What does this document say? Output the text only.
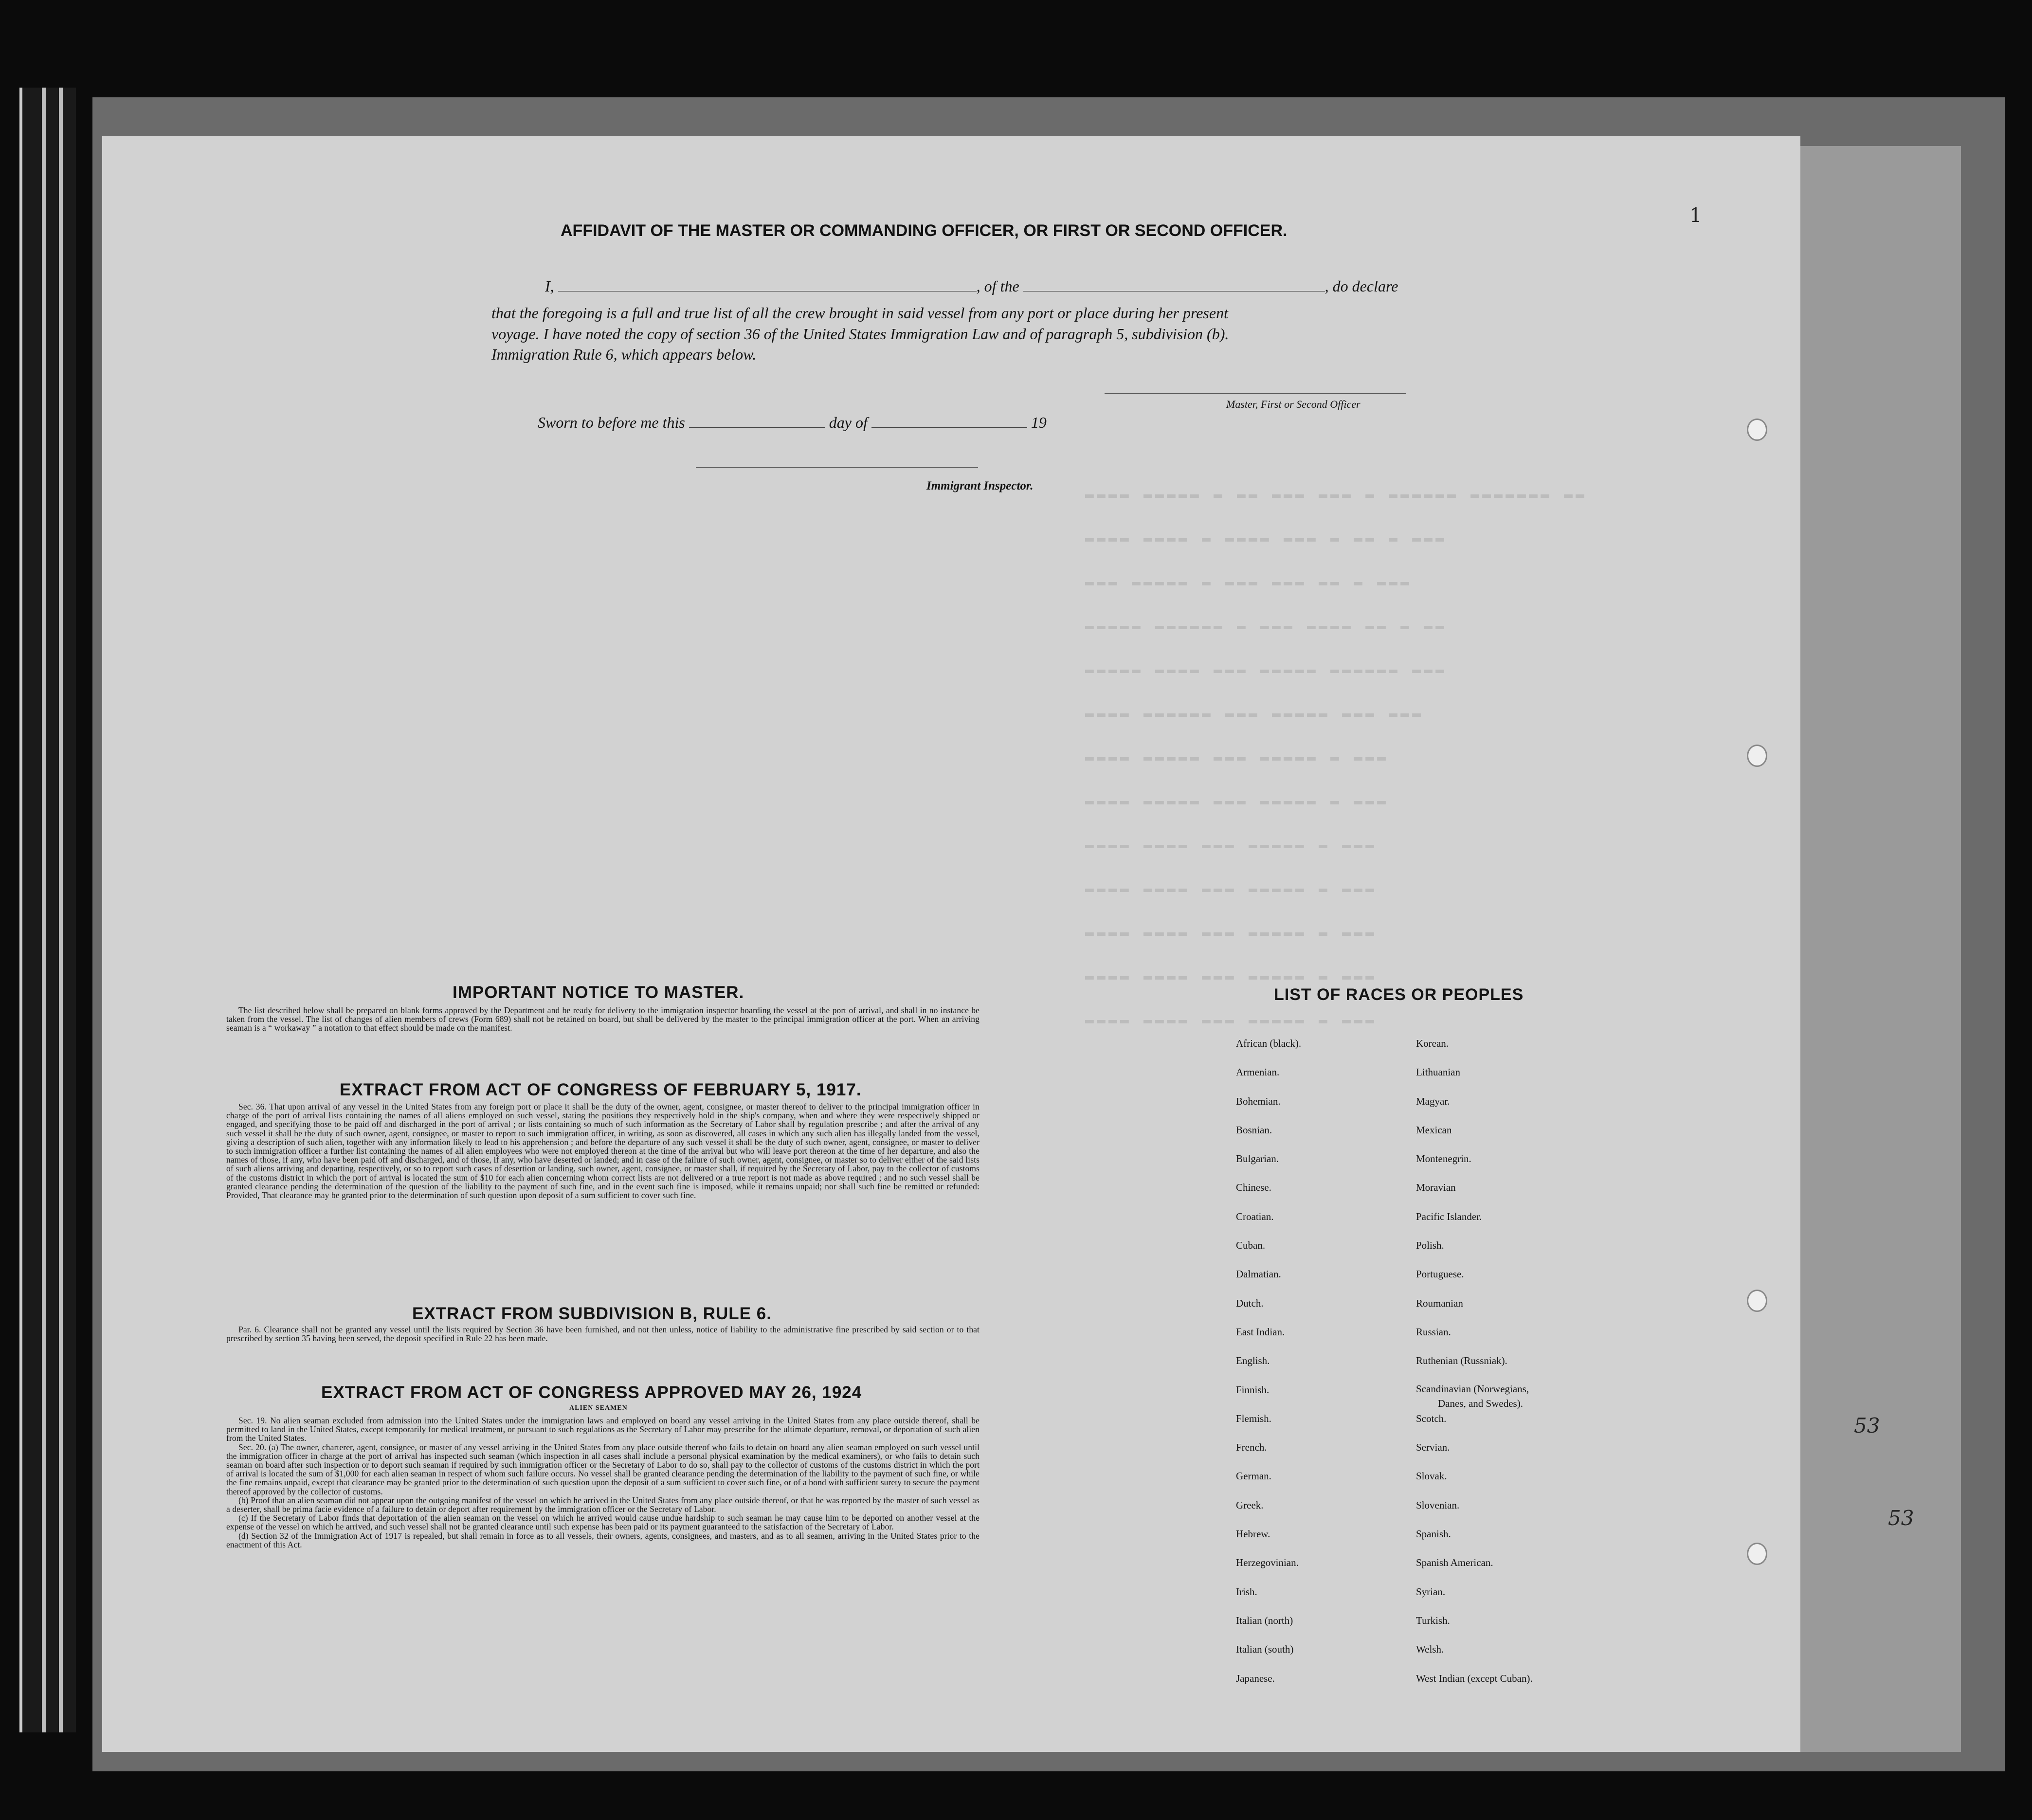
▬▬▬▬ ▬▬▬▬▬ ▬ ▬▬ ▬▬▬ ▬▬▬ ▬ ▬▬▬▬▬▬ ▬▬▬▬▬▬▬ ▬▬
▬▬▬▬ ▬▬▬▬ ▬ ▬▬▬▬ ▬▬▬ ▬ ▬▬ ▬ ▬▬▬
▬▬▬ ▬▬▬▬▬ ▬ ▬▬▬ ▬▬▬ ▬▬ ▬ ▬▬▬
▬▬▬▬▬ ▬▬▬▬▬▬ ▬ ▬▬▬ ▬▬▬▬ ▬▬ ▬ ▬▬
▬▬▬▬▬ ▬▬▬▬ ▬▬▬ ▬▬▬▬▬ ▬▬▬▬▬▬ ▬▬▬
▬▬▬▬ ▬▬▬▬▬▬ ▬▬▬ ▬▬▬▬▬ ▬▬▬ ▬▬▬
▬▬▬▬ ▬▬▬▬▬ ▬▬▬ ▬▬▬▬▬ ▬ ▬▬▬
▬▬▬▬ ▬▬▬▬▬ ▬▬▬ ▬▬▬▬▬ ▬ ▬▬▬
▬▬▬▬ ▬▬▬▬ ▬▬▬ ▬▬▬▬▬ ▬ ▬▬▬
▬▬▬▬ ▬▬▬▬ ▬▬▬ ▬▬▬▬▬ ▬ ▬▬▬
▬▬▬▬ ▬▬▬▬ ▬▬▬ ▬▬▬▬▬ ▬ ▬▬▬
▬▬▬▬ ▬▬▬▬ ▬▬▬ ▬▬▬▬▬ ▬ ▬▬▬
▬▬▬▬ ▬▬▬▬ ▬▬▬ ▬▬▬▬▬ ▬ ▬▬▬
AFFIDAVIT OF THE MASTER OR COMMANDING OFFICER, OR FIRST OR SECOND OFFICER.
I,	, of the	, do declare
that the foregoing is a full and true list of all the crew brought in said vessel from any port or place during her present
voyage. I have noted the copy of section 36 of the United States Immigration Law and of paragraph 5, subdivision (b).
Immigration Rule 6, which appears below.
Master, First or Second Officer
Sworn to before me this	day of	19
Immigrant Inspector.
1
IMPORTANT NOTICE TO MASTER.

The list described below shall be prepared on blank forms approved by the Department and be ready for delivery to the immigration inspector boarding the vessel at the port of arrival, and shall in no instance be taken from the vessel. The list of changes of alien members of crews (Form 689) shall not be retained on board, but shall be delivered by the master to the principal immigration officer at the port. When an arriving seaman is a “ workaway ” a notation to that effect should be made on the manifest.

EXTRACT FROM ACT OF CONGRESS OF FEBRUARY 5, 1917.

Sec. 36. That upon arrival of any vessel in the United States from any foreign port or place it shall be the duty of the owner, agent, consignee, or master thereof to deliver to the principal immigration officer in charge of the port of arrival lists containing the names of all aliens employed on such vessel, stating the positions they respectively hold in the ship's company, when and where they were respectively shipped or engaged, and specifying those to be paid off and discharged in the port of arrival ; or lists containing so much of such information as the Secretary of Labor shall by regulation prescribe ; and after the arrival of any such vessel it shall be the duty of such owner, agent, consignee, or master to report to such immigration officer, in writing, as soon as discovered, all cases in which any such alien has illegally landed from the vessel, giving a description of such alien, together with any information likely to lead to his apprehension ; and before the departure of any such vessel it shall be the duty of such owner, agent, consignee, or master to deliver to such immigration officer a further list containing the names of all alien employees who were not employed thereon at the time of the arrival but who will leave port thereon at the time of her departure, and also the names of those, if any, who have been paid off and discharged, and of those, if any, who have deserted or landed; and in case of the failure of such owner, agent, consignee, or master so to deliver either of the said lists of such aliens arriving and departing, respectively, or so to report such cases of desertion or landing, such owner, agent, consignee, or master shall, if required by the Secretary of Labor, pay to the collector of customs of the customs district in which the port of arrival is located the sum of $10 for each alien concerning whom correct lists are not delivered or a true report is not made as above required ; and no such vessel shall be granted clearance pending the determination of the question of the liability to the payment of such fine, and in the event such fine is imposed, while it remains unpaid; nor shall such fine be remitted or refunded: Provided, That clearance may be granted prior to the determination of such question upon deposit of a sum sufficient to cover such fine.

EXTRACT FROM SUBDIVISION B, RULE 6.

Par. 6. Clearance shall not be granted any vessel until the lists required by Section 36 have been furnished, and not then unless, notice of liability to the administrative fine prescribed by said section or to that prescribed by section 35 having been served, the deposit specified in Rule 22 has been made.

EXTRACT FROM ACT OF CONGRESS APPROVED MAY 26, 1924
ALIEN SEAMEN

Sec. 19. No alien seaman excluded from admission into the United States under the immigration laws and employed on board any vessel arriving in the United States from any place outside thereof, shall be permitted to land in the United States, except temporarily for medical treatment, or pursuant to such regulations as the Secretary of Labor may prescribe for the ultimate departure, removal, or deportation of such alien from the United States.

Sec. 20. (a) The owner, charterer, agent, consignee, or master of any vessel arriving in the United States from any place outside thereof who fails to detain on board any alien seaman employed on such vessel until the immigration officer in charge at the port of arrival has inspected such seaman (which inspection in all cases shall include a personal physical examination by the medical examiners), or who fails to detain such seaman on board after such inspection or to deport such seaman if required by such immigration officer or the Secretary of Labor to do so, shall pay to the collector of customs of the customs district in which the port of arrival is located the sum of $1,000 for each alien seaman in respect of whom such failure occurs. No vessel shall be granted clearance pending the determination of the liability to the payment of such fine, or while the fine remains unpaid, except that clearance may be granted prior to the determination of such question upon the deposit of a sum sufficient to cover such fine, or of a bond with sufficient surety to secure the payment thereof approved by the collector of customs.

(b) Proof that an alien seaman did not appear upon the outgoing manifest of the vessel on which he arrived in the United States from any place outside thereof, or that he was reported by the master of such vessel as a deserter, shall be prima facie evidence of a failure to detain or deport after requirement by the immigration officer or the Secretary of Labor.

(c) If the Secretary of Labor finds that deportation of the alien seaman on the vessel on which he arrived would cause undue hardship to such seaman he may cause him to be deported on another vessel at the expense of the vessel on which he arrived, and such vessel shall not be granted clearance until such expense has been paid or its payment guaranteed to the satisfaction of the Secretary of Labor.

(d) Section 32 of the Immigration Act of 1917 is repealed, but shall remain in force as to all vessels, their owners, agents, consignees, and masters, and as to all seamen, arriving in the United States prior to the enactment of this Act.

LIST OF RACES OR PEOPLES
African (black).
Armenian.
Bohemian.
Bosnian.
Bulgarian.
Chinese.
Croatian.
Cuban.
Dalmatian.
Dutch.
East Indian.
English.
Finnish.
Flemish.
French.
German.
Greek.
Hebrew.
Herzegovinian.
Irish.
Italian (north)
Italian (south)
Japanese.
Korean.
Lithuanian
Magyar.
Mexican
Montenegrin.
Moravian
Pacific Islander.
Polish.
Portuguese.
Roumanian
Russian.
Ruthenian (Russniak).
Scandinavian (Norwegians,
Danes, and Swedes).
Scotch.
Servian.
Slovak.
Slovenian.
Spanish.
Spanish American.
Syrian.
Turkish.
Welsh.
West Indian (except Cuban).
53
53
